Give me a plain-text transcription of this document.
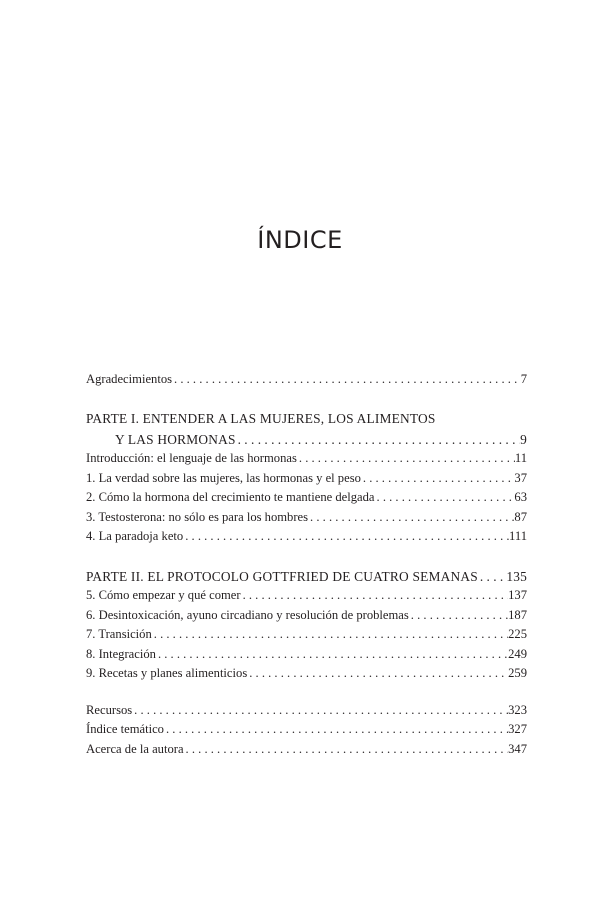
ÍNDICE
Agradecimientos . . .	7
PARTE I. ENTENDER A LAS MUJERES, LOS ALIMENTOS
Y LAS HORMONAS . . .	9
Introducción: el lenguaje de las hormonas . . .	11
1. La verdad sobre las mujeres, las hormonas y el peso . . .	37
2. Cómo la hormona del crecimiento te mantiene delgada . . .	63
3. Testosterona: no sólo es para los hombres . . .	87
4. La paradoja keto . . .	111
PARTE II. EL PROTOCOLO GOTTFRIED DE CUATRO SEMANAS . . . 135
5. Cómo empezar y qué comer . . .	137
6. Desintoxicación, ayuno circadiano y resolución de problemas . . .	187
7. Transición . . .	225
8. Integración . . .	249
9. Recetas y planes alimenticios . . .	259
Recursos . . .	323
Índice temático . . .	327
Acerca de la autora . . .	347
